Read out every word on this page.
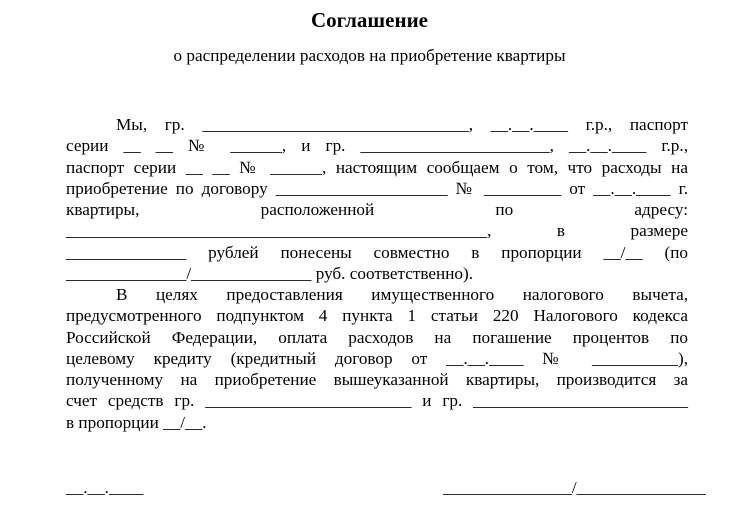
Соглашение
о распределении расходов на приобретение квартиры
Мы, гр. _______________________________, __.__.____ г.р., паспорт
серии __ __ № ______, и гр. ______________________, __.__.____ г.р.,
паспорт серии __ __ № ______, настоящим сообщаем о том, что расходы на
приобретение по договору ____________________ № _________ от __.__.____ г.
квартиры,	расположенной	по	адресу:
_________________________________________________, в размере
______________ рублей понесены совместно в пропорции __/__ (по
______________/______________ руб. соответственно).
В целях предоставления имущественного налогового вычета,
предусмотренного подпунктом 4 пункта 1 статьи 220 Налогового кодекса
Российской Федерации, оплата расходов на погашение процентов по
целевому кредиту (кредитный договор от __.__.____ № __________),
полученному на приобретение вышеуказанной квартиры, производится за
счет средств гр. ________________________ и гр. _________________________
в пропорции __/__.
__.__.____	_______________/_______________
